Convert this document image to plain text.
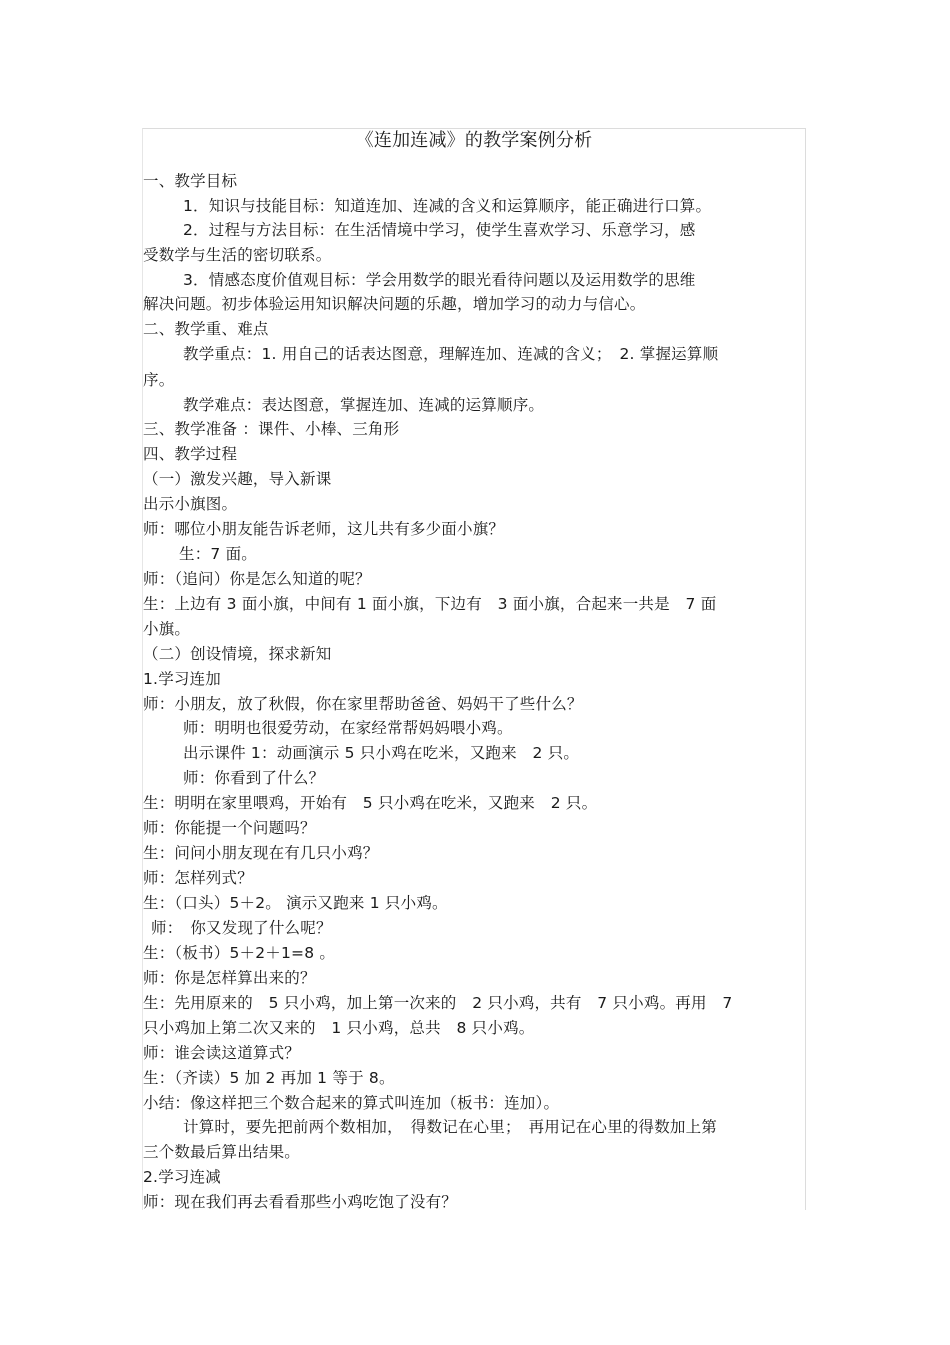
《连加连减》的教学案例分析
一、教学目标
1．知识与技能目标：知道连加、连减的含义和运算顺序，能正确进行口算。
2．过程与方法目标：在生活情境中学习，使学生喜欢学习、乐意学习，感
受数学与生活的密切联系。
3．情感态度价值观目标：学会用数学的眼光看待问题以及运用数学的思维
解决问题。初步体验运用知识解决问题的乐趣，增加学习的动力与信心。
二、教学重、难点
教学重点：1. 用自己的话表达图意，理解连加、连减的含义；　2. 掌握运算顺
序。
教学难点：表达图意，掌握连加、连减的运算顺序。
三、教学准备 ：课件、小棒、三角形
四、教学过程
（一）激发兴趣，导入新课
出示小旗图。
师：哪位小朋友能告诉老师，这儿共有多少面小旗？
生：7 面。
师：（追问）你是怎么知道的呢？
生：上边有 3 面小旗，中间有 1 面小旗，下边有　3 面小旗，合起来一共是　7 面
小旗。
（二）创设情境，探求新知
1.学习连加
师：小朋友，放了秋假，你在家里帮助爸爸、妈妈干了些什么？
师：明明也很爱劳动，在家经常帮妈妈喂小鸡。
出示课件 1：动画演示 5 只小鸡在吃米，又跑来　2 只。
师：你看到了什么？
生：明明在家里喂鸡，开始有　5 只小鸡在吃米，又跑来　2 只。
师：你能提一个问题吗？
生：问问小朋友现在有几只小鸡？
师：怎样列式？
生：（口头）5＋2。 演示又跑来 1 只小鸡。
师：　你又发现了什么呢？
生：（板书）5＋2＋1=8 。
师：你是怎样算出来的？
生：先用原来的　5 只小鸡，加上第一次来的　2 只小鸡，共有　7 只小鸡。再用　7
只小鸡加上第二次又来的　1 只小鸡，总共　8 只小鸡。
师：谁会读这道算式？
生：（齐读）5 加 2 再加 1 等于 8。
小结：像这样把三个数合起来的算式叫连加（板书：连加）。
计算时，要先把前两个数相加，　得数记在心里；　再用记在心里的得数加上第
三个数最后算出结果。
2.学习连减
师：现在我们再去看看那些小鸡吃饱了没有？
